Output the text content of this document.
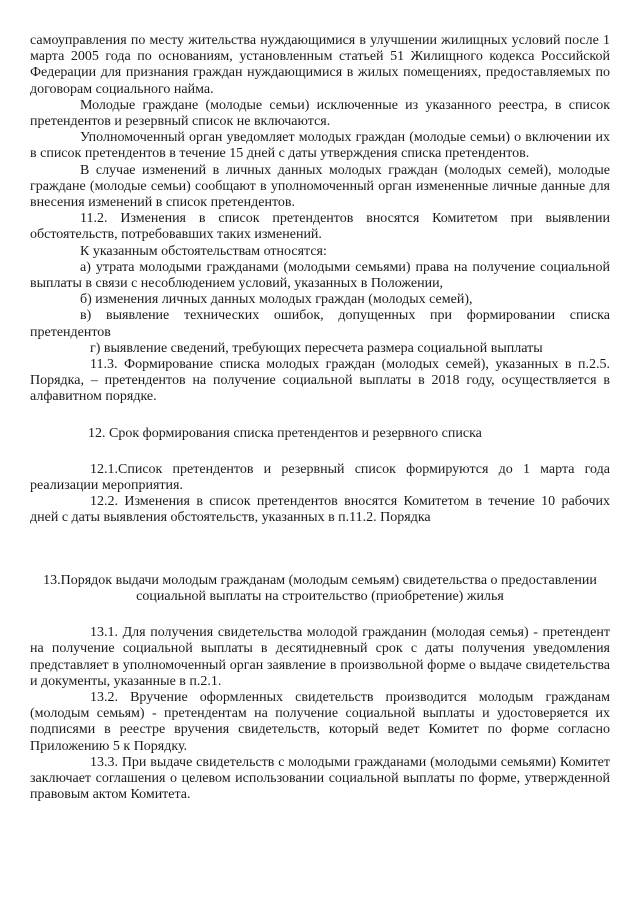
самоуправления по месту жительства нуждающимися в улучшении жилищных условий после 1 марта 2005 года по основаниям, установленным статьей 51 Жилищного кодекса Российской Федерации для признания граждан нуждающимися в жилых помещениях, предоставляемых по договорам социального найма.

Молодые граждане (молодые семьи) исключенные из указанного реестра, в список претендентов и резервный список не включаются.

Уполномоченный орган уведомляет молодых граждан (молодые семьи) о включении их в список претендентов в течение 15 дней с даты утверждения списка претендентов.

В случае изменений в личных данных молодых граждан (молодых семей), молодые граждане (молодые семьи) сообщают в уполномоченный орган измененные личные данные для внесения изменений в список претендентов.

11.2. Изменения в список претендентов вносятся Комитетом при выявлении обстоятельств, потребовавших таких изменений.

К указанным обстоятельствам относятся:

а) утрата молодыми гражданами (молодыми семьями) права на получение социальной выплаты в связи с несоблюдением условий, указанных в Положении,

б) изменения личных данных молодых граждан (молодых семей),

в) выявление технических ошибок, допущенных при формировании списка претендентов

г) выявление сведений, требующих пересчета размера социальной выплаты

11.3. Формирование списка молодых граждан (молодых семей), указанных в п.2.5. Порядка, – претендентов на получение социальной выплаты в 2018 году, осуществляется в алфавитном порядке.

12. Срок формирования списка претендентов и резервного списка

12.1.Список претендентов и резервный список формируются до 1 марта года реализации мероприятия.

12.2. Изменения в список претендентов вносятся Комитетом в течение 10 рабочих дней с даты выявления обстоятельств, указанных в п.11.2. Порядка

13.Порядок выдачи молодым гражданам (молодым семьям) свидетельства о предоставлении социальной выплаты на строительство (приобретение) жилья

13.1. Для получения свидетельства молодой гражданин (молодая семья) - претендент на получение социальной выплаты в десятидневный срок с даты получения уведомления представляет в уполномоченный орган заявление в произвольной форме о выдаче свидетельства и документы, указанные в п.2.1.

13.2. Вручение оформленных свидетельств производится молодым гражданам (молодым семьям) - претендентам на получение социальной выплаты и удостоверяется их подписями в реестре вручения свидетельств, который ведет Комитет по форме согласно Приложению 5 к Порядку.

13.3. При выдаче свидетельств с молодыми гражданами (молодыми семьями) Комитет заключает соглашения о целевом использовании социальной выплаты по форме, утвержденной правовым актом Комитета.
